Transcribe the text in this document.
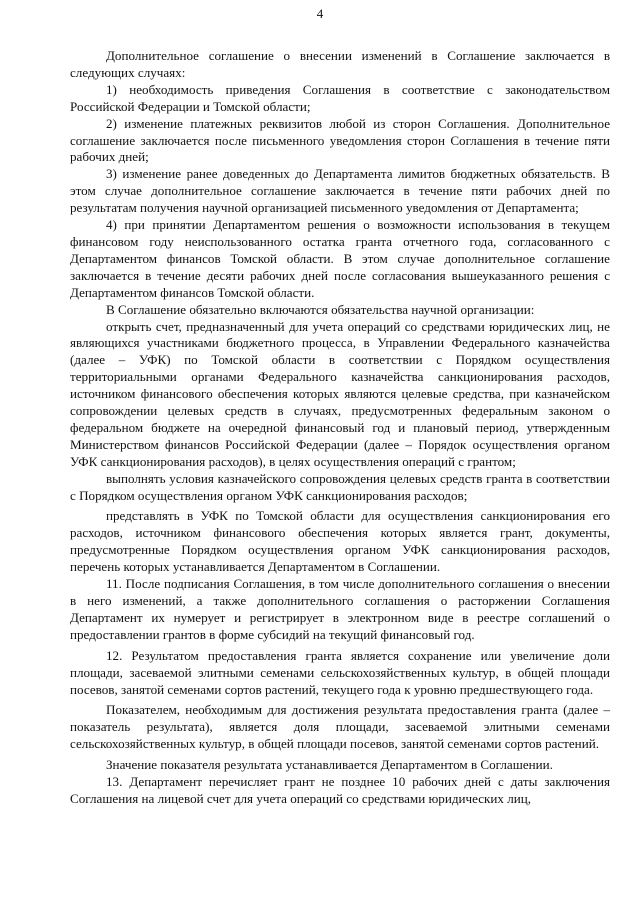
4

Дополнительное соглашение о внесении изменений в Соглашение заключается в следующих случаях:

1) необходимость приведения Соглашения в соответствие с законодательством Российской Федерации и Томской области;

2) изменение платежных реквизитов любой из сторон Соглашения. Дополнительное соглашение заключается после письменного уведомления сторон Соглашения в течение пяти рабочих дней;

3) изменение ранее доведенных до Департамента лимитов бюджетных обязательств. В этом случае дополнительное соглашение заключается в течение пяти рабочих дней по результатам получения научной организацией письменного уведомления от Департамента;

4) при принятии Департаментом решения о возможности использования в текущем финансовом году неиспользованного остатка гранта отчетного года, согласованного с Департаментом финансов Томской области. В этом случае дополнительное соглашение заключается в течение десяти рабочих дней после согласования вышеуказанного решения с Департаментом финансов Томской области.

В Соглашение обязательно включаются обязательства научной организации:

открыть счет, предназначенный для учета операций со средствами юридических лиц, не являющихся участниками бюджетного процесса, в Управлении Федерального казначейства (далее – УФК) по Томской области в соответствии с Порядком осуществления территориальными органами Федерального казначейства санкционирования расходов, источником финансового обеспечения которых являются целевые средства, при казначейском сопровождении целевых средств в случаях, предусмотренных федеральным законом о федеральном бюджете на очередной финансовый год и плановый период, утвержденным Министерством финансов Российской Федерации (далее – Порядок осуществления органом УФК санкционирования расходов), в целях осуществления операций с грантом;

выполнять условия казначейского сопровождения целевых средств гранта в соответствии с Порядком осуществления органом УФК санкционирования расходов;

представлять в УФК по Томской области для осуществления санкционирования его расходов, источником финансового обеспечения которых является грант, документы, предусмотренные Порядком осуществления органом УФК санкционирования расходов, перечень которых устанавливается Департаментом в Соглашении.

11. После подписания Соглашения, в том числе дополнительного соглашения о внесении в него изменений, а также дополнительного соглашения о расторжении Соглашения Департамент их нумерует и регистрирует в электронном виде в реестре соглашений о предоставлении грантов в форме субсидий на текущий финансовый год.

12. Результатом предоставления гранта является сохранение или увеличение доли площади, засеваемой элитными семенами сельскохозяйственных культур, в общей площади посевов, занятой семенами сортов растений, текущего года к уровню предшествующего года.

Показателем, необходимым для достижения результата предоставления гранта (далее – показатель результата), является доля площади, засеваемой элитными семенами сельскохозяйственных культур, в общей площади посевов, занятой семенами сортов растений.

Значение показателя результата устанавливается Департаментом в Соглашении.

13. Департамент перечисляет грант не позднее 10 рабочих дней с даты заключения Соглашения на лицевой счет для учета операций со средствами юридических лиц,
